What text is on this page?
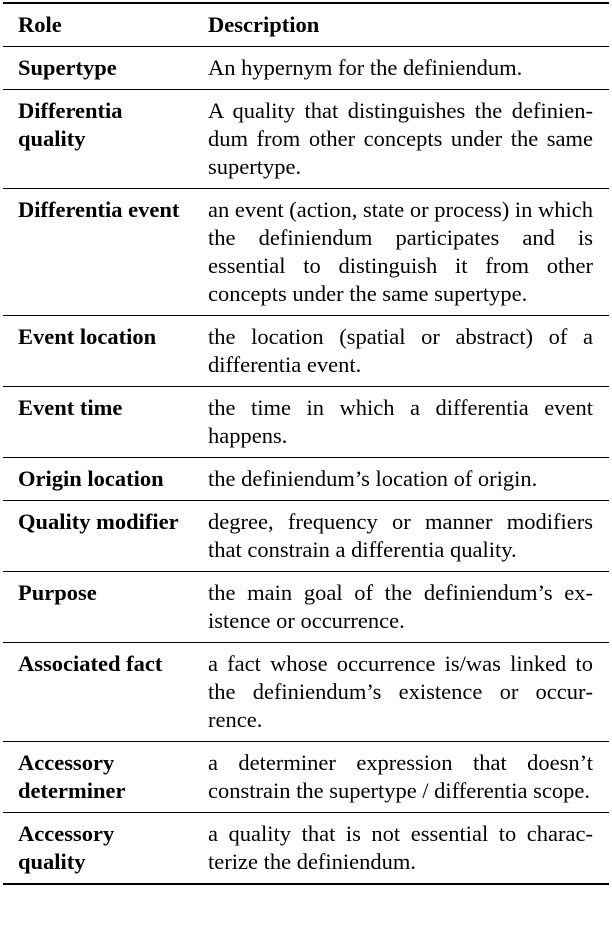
Role	Description
Supertype	An hypernym for the definiendum.
Differentia quality	A quality that distinguishes the definiendum from other concepts under the same supertype.
Differentia event	an event (action, state or process) in which the definiendum participates and is essential to distinguish it from other concepts under the same supertype.
Event location	the location (spatial or abstract) of a differentia event.
Event time	the time in which a differentia event happens.
Origin location	the definiendum’s location of origin.
Quality modifier	degree, frequency or manner modifiers that constrain a differentia quality.
Purpose	the main goal of the definiendum’s existence or occurrence.
Associated fact	a fact whose occurrence is/was linked to the definiendum’s existence or occurrence.
Accessory determiner	a determiner expression that doesn’t constrain the supertype / differentia scope.
Accessory quality	a quality that is not essential to characterize the definiendum.
